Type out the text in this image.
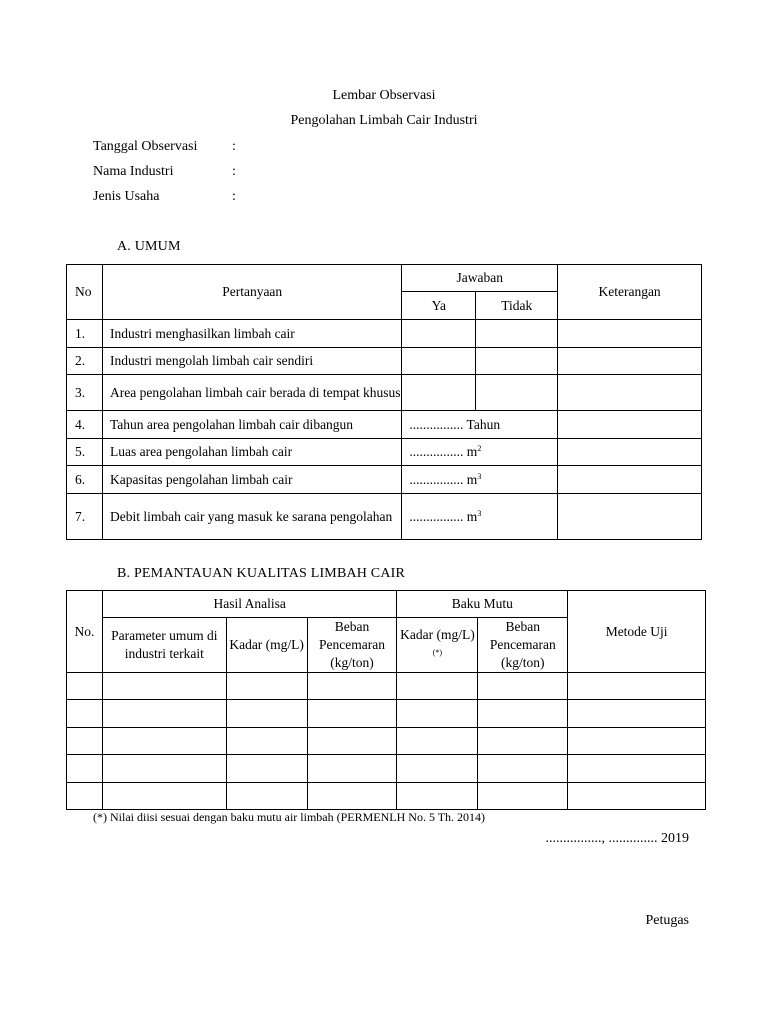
Lembar Observasi
Pengolahan Limbah Cair Industri
Tanggal Observasi :
Nama Industri	:
Jenis Usaha	:
A. UMUM
No	Pertanyaan	Jawaban		Keterangan
		Ya	Tidak	
1.	Industri menghasilkan limbah cair			
2.	Industri mengolah limbah cair sendiri			
3.	Area pengolahan limbah cair berada di tempat khusus			
4.	Tahun area pengolahan limbah cair dibangun	................ Tahun		
5.	Luas area pengolahan limbah cair	................ $m^2$	
6.	Kapasitas pengolahan limbah cair	................ $m^3$	
7.	Debit limbah cair yang masuk ke sarana pengolahan	................ $m^3$	
B. PEMANTAUAN KUALITAS LIMBAH CAIR
No.	Hasil Analisa			Baku Mutu		Metode Uji
	Parameter umum di industri terkait	Kadar (mg/L)	Beban Pencemaran (kg/ton)	Kadar (mg/L) (*)	Beban Pencemaran (kg/ton)	

(*) Nilai diisi sesuai dengan baku mutu air limbah (PERMENLH No. 5 Th. 2014)
................, .............. 2019
Petugas
